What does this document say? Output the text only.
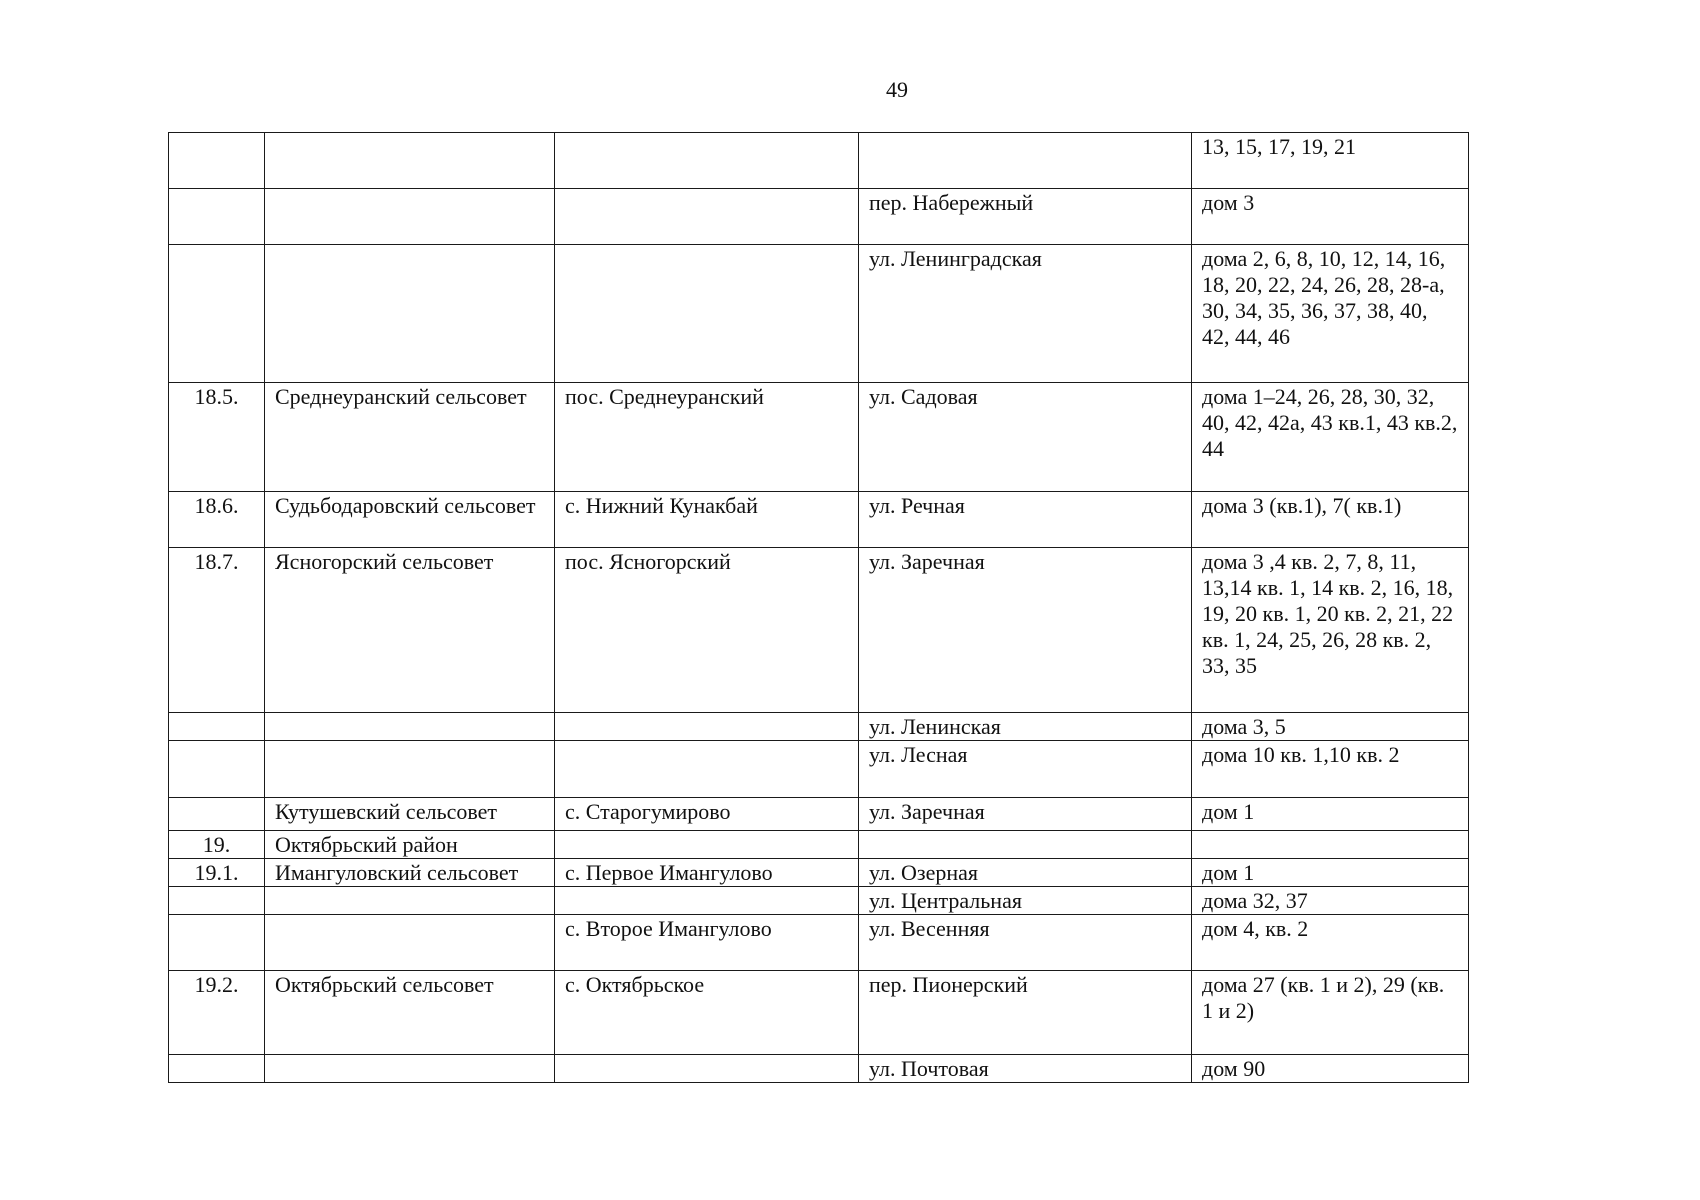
49
				13, 15, 17, 19, 21
			пер. Набережный	дом 3
			ул. Ленинградская	дома 2, 6, 8, 10, 12, 14, 16, 18, 20, 22, 24, 26, 28, 28-а, 30, 34, 35, 36, 37, 38, 40, 42, 44, 46
18.5.	Среднеуранский сельсовет	пос. Среднеуранский	ул. Садовая	дома 1–24, 26, 28, 30, 32, 40, 42, 42а, 43 кв.1, 43 кв.2, 44
18.6.	Судьбодаровский сельсовет	с. Нижний Кунакбай	ул. Речная	дома 3 (кв.1), 7( кв.1)
18.7.	Ясногорский сельсовет	пос. Ясногорский	ул. Заречная	дома 3 ,4 кв. 2, 7, 8, 11, 13,14 кв. 1, 14 кв. 2, 16, 18, 19, 20 кв. 1, 20 кв. 2, 21, 22 кв. 1, 24, 25, 26, 28 кв. 2, 33, 35
			ул. Ленинская	дома 3, 5
			ул. Лесная	дома 10 кв. 1,10 кв. 2
	Кутушевский сельсовет	с. Старогумирово	ул. Заречная	дом 1
19.	Октябрьский район			
19.1.	Имангуловский сельсовет	с. Первое Имангулово	ул. Озерная	дом 1
			ул. Центральная	дома 32, 37
		с. Второе Имангулово	ул. Весенняя	дом 4, кв. 2
19.2.	Октябрьский сельсовет	с. Октябрьское	пер. Пионерский	дома 27 (кв. 1 и 2), 29 (кв. 1 и 2)
			ул. Почтовая	дом 90
